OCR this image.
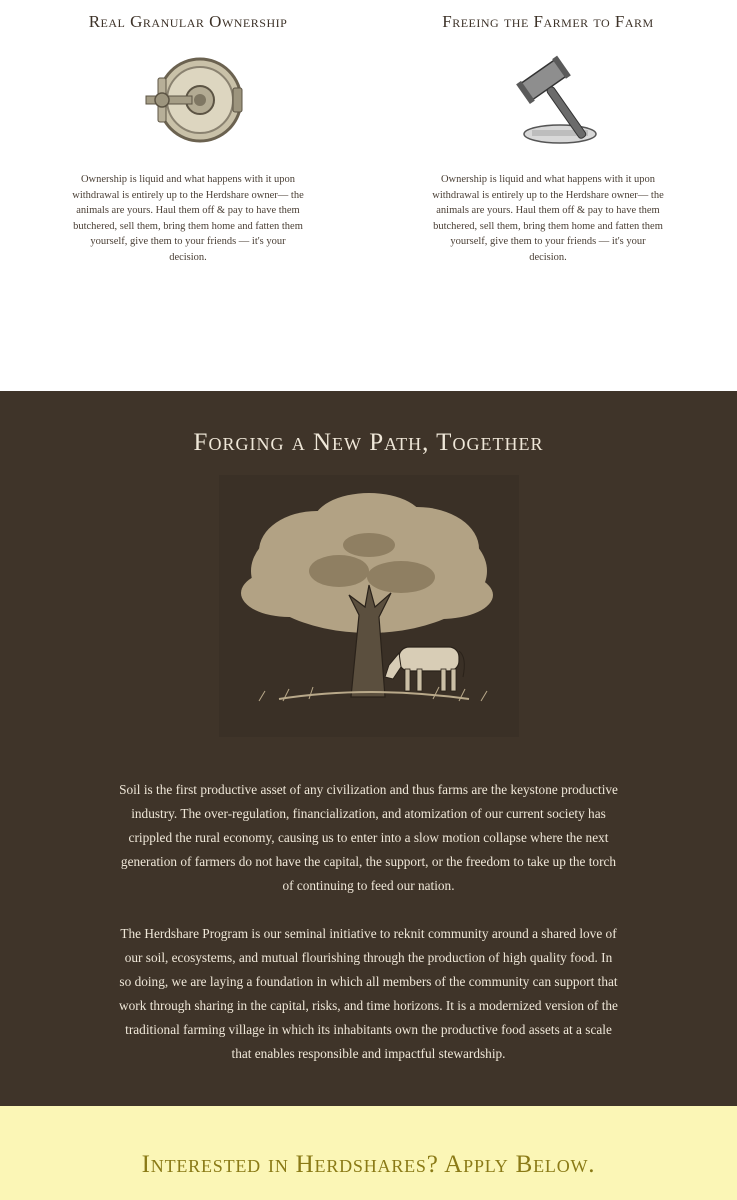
Real Granular Ownership

Ownership is liquid and what happens with it upon withdrawal is entirely up to the Herdshare owner— the animals are yours. Haul them off & pay to have them butchered, sell them, bring them home and fatten them yourself, give them to your friends — it's your decision.

Freeing the Farmer to Farm

Ownership is liquid and what happens with it upon withdrawal is entirely up to the Herdshare owner— the animals are yours. Haul them off & pay to have them butchered, sell them, bring them home and fatten them yourself, give them to your friends — it's your decision.

Forging a New Path, Together

Soil is the first productive asset of any civilization and thus farms are the keystone productive industry. The over-regulation, financialization, and atomization of our current society has crippled the rural economy, causing us to enter into a slow motion collapse where the next generation of farmers do not have the capital, the support, or the freedom to take up the torch of continuing to feed our nation.

The Herdshare Program is our seminal initiative to reknit community around a shared love of our soil, ecosystems, and mutual flourishing through the production of high quality food. In so doing, we are laying a foundation in which all members of the community can support that work through sharing in the capital, risks, and time horizons. It is a modernized version of the traditional farming village in which its inhabitants own the productive food assets at a scale that enables responsible and impactful stewardship.

Interested in Herdshares? Apply Below.
